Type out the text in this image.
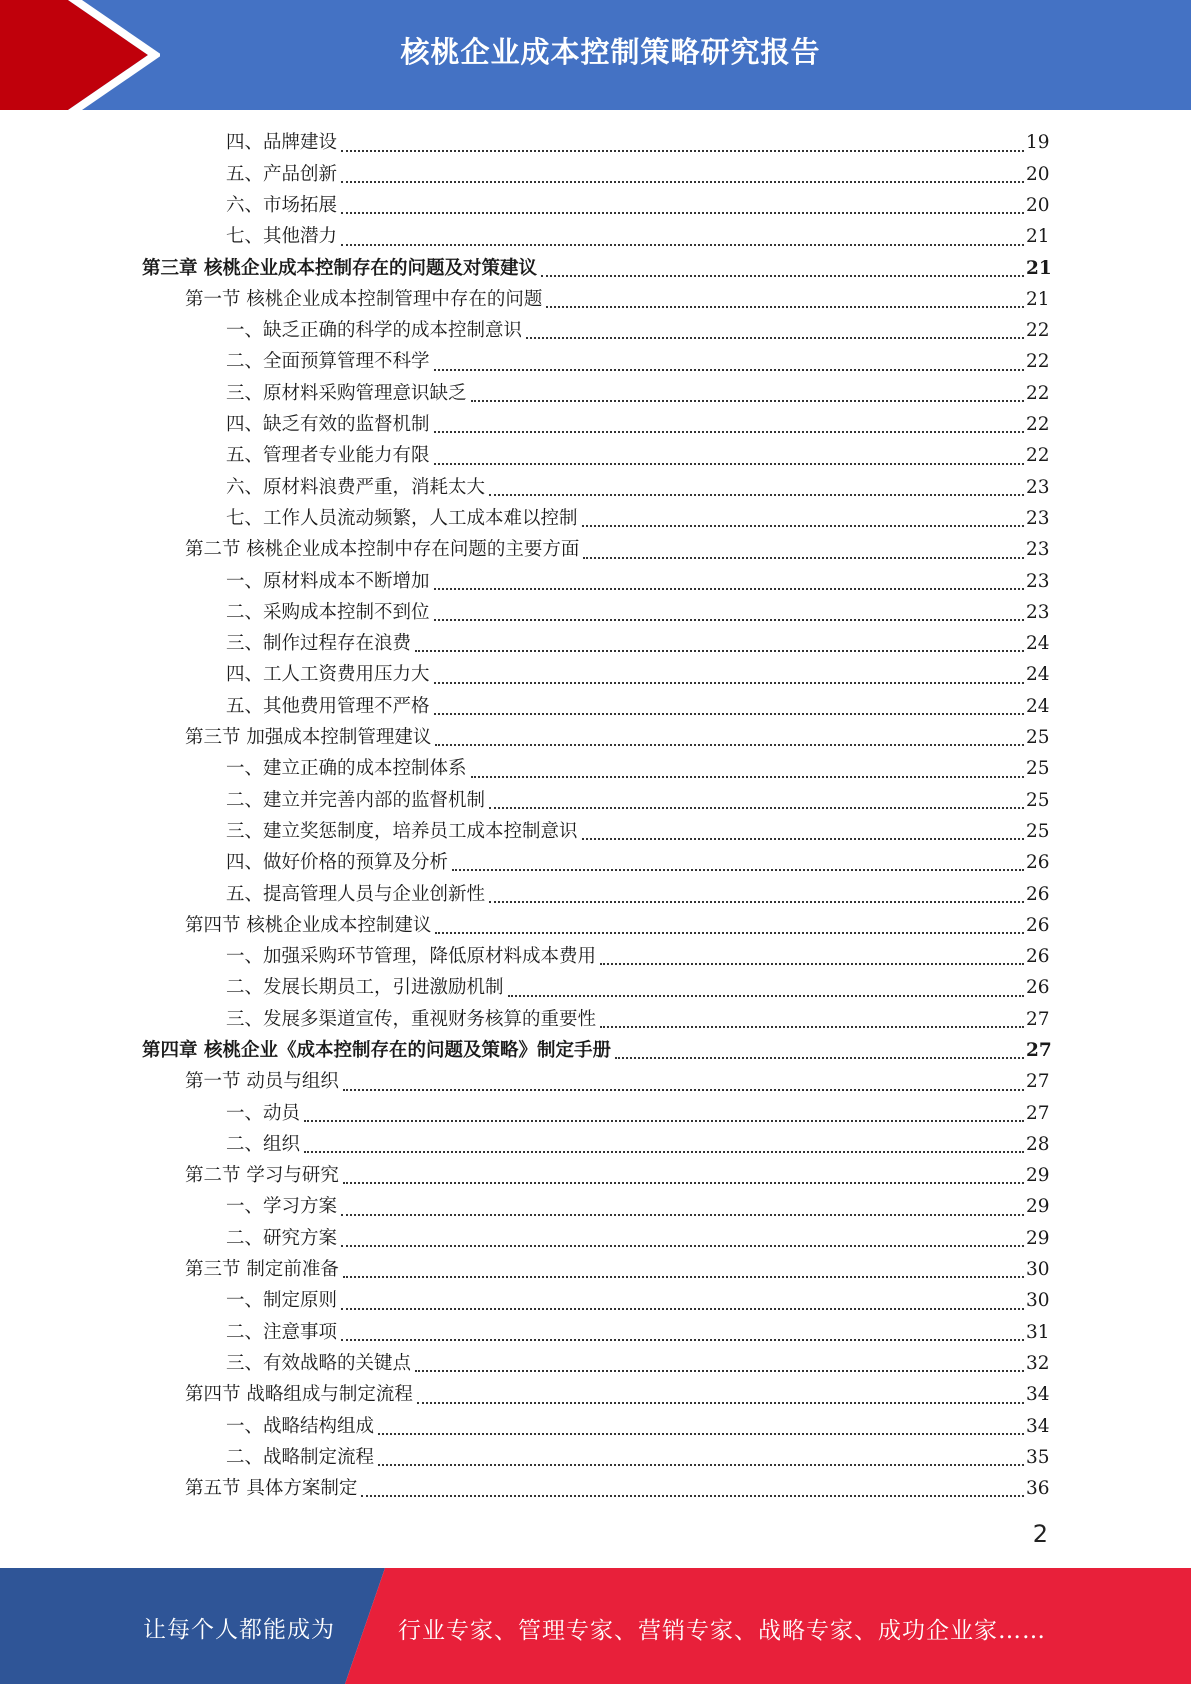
核桃企业成本控制策略研究报告
四、品牌建设	19
五、产品创新	20
六、市场拓展	20
七、其他潜力	21
第三章 核桃企业成本控制存在的问题及对策建议	21
第一节 核桃企业成本控制管理中存在的问题	21
一、缺乏正确的科学的成本控制意识	22
二、全面预算管理不科学	22
三、原材料采购管理意识缺乏	22
四、缺乏有效的监督机制	22
五、管理者专业能力有限	22
六、原材料浪费严重，消耗太大	23
七、工作人员流动频繁，人工成本难以控制	23
第二节 核桃企业成本控制中存在问题的主要方面	23
一、原材料成本不断增加	23
二、采购成本控制不到位	23
三、制作过程存在浪费	24
四、工人工资费用压力大	24
五、其他费用管理不严格	24
第三节 加强成本控制管理建议	25
一、建立正确的成本控制体系	25
二、建立并完善内部的监督机制	25
三、建立奖惩制度，培养员工成本控制意识	25
四、做好价格的预算及分析	26
五、提高管理人员与企业创新性	26
第四节 核桃企业成本控制建议	26
一、加强采购环节管理，降低原材料成本费用	26
二、发展长期员工，引进激励机制	26
三、发展多渠道宣传，重视财务核算的重要性	27
第四章 核桃企业《成本控制存在的问题及策略》制定手册	27
第一节 动员与组织	27
一、动员	27
二、组织	28
第二节 学习与研究	29
一、学习方案	29
二、研究方案	29
第三节 制定前准备	30
一、制定原则	30
二、注意事项	31
三、有效战略的关键点	32
第四节 战略组成与制定流程	34
一、战略结构组成	34
二、战略制定流程	35
第五节 具体方案制定	36
2
让每个人都能成为	行业专家、管理专家、营销专家、战略专家、成功企业家……
